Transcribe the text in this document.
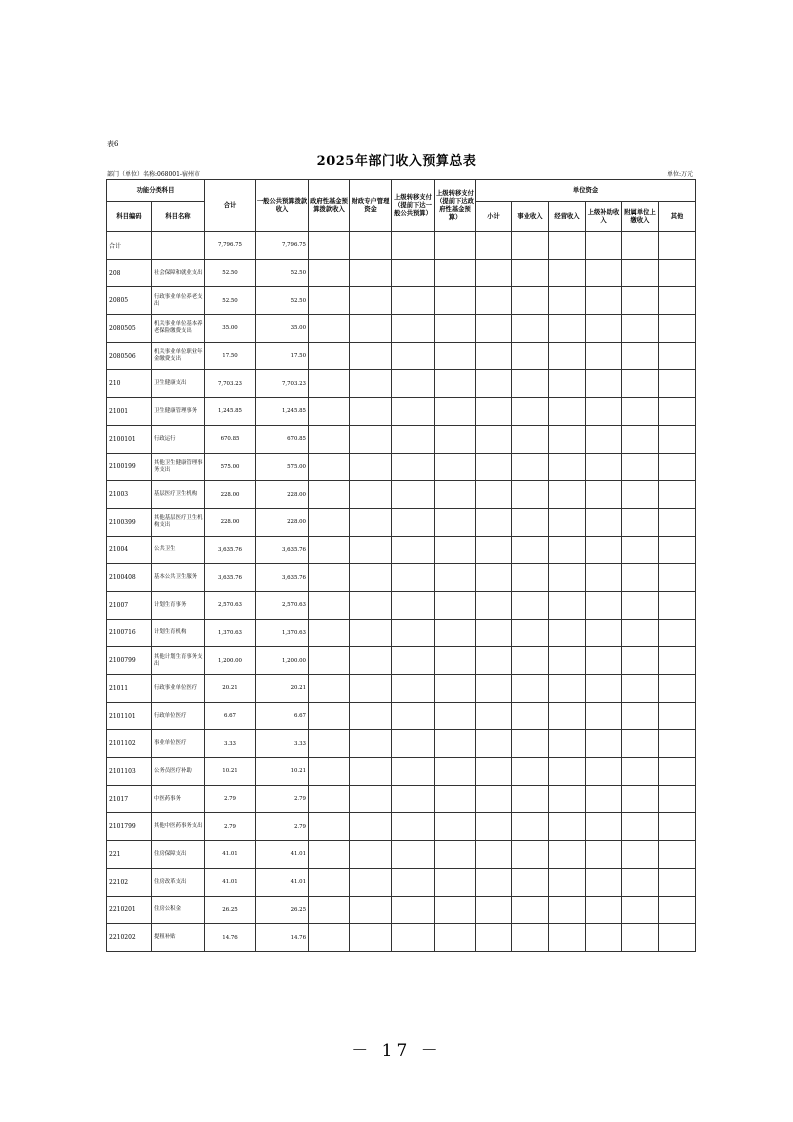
表6
2025年部门收入预算总表
部门（单位）名称:068001-宿州市	单位:万元
功能分类科目		合计	一般公共预算拨款收入	政府性基金预算拨款收入	财政专户管理资金	上级转移支付（提前下达一般公共预算）	上级转移支付（提前下达政府性基金预算）	单位资金					
科目编码	科目名称							小计	事业收入	经营收入	上级补助收入	附属单位上缴收入	其他
合计		7,796.75	7,796.75										
208	社会保障和就业支出	52.50	52.50										
20805	行政事业单位养老支出	52.50	52.50										
2080505	机关事业单位基本养老保险缴费支出	35.00	35.00										
2080506	机关事业单位职业年金缴费支出	17.50	17.50										
210	卫生健康支出	7,703.23	7,703.23										
21001	卫生健康管理事务	1,245.85	1,245.85										
2100101	行政运行	670.85	670.85										
2100199	其他卫生健康管理事务支出	575.00	575.00										
21003	基层医疗卫生机构	228.00	228.00										
2100399	其他基层医疗卫生机构支出	228.00	228.00										
21004	公共卫生	3,635.76	3,635.76										
2100408	基本公共卫生服务	3,635.76	3,635.76										
21007	计划生育事务	2,570.63	2,570.63										
2100716	计划生育机构	1,370.63	1,370.63										
2100799	其他计划生育事务支出	1,200.00	1,200.00										
21011	行政事业单位医疗	20.21	20.21										
2101101	行政单位医疗	6.67	6.67										
2101102	事业单位医疗	3.33	3.33										
2101103	公务员医疗补助	10.21	10.21										
21017	中医药事务	2.79	2.79										
2101799	其他中医药事务支出	2.79	2.79										
221	住房保障支出	41.01	41.01										
22102	住房改革支出	41.01	41.01										
2210201	住房公积金	26.25	26.25										
2210202	提租补贴	14.76	14.76										
－ 17 －
